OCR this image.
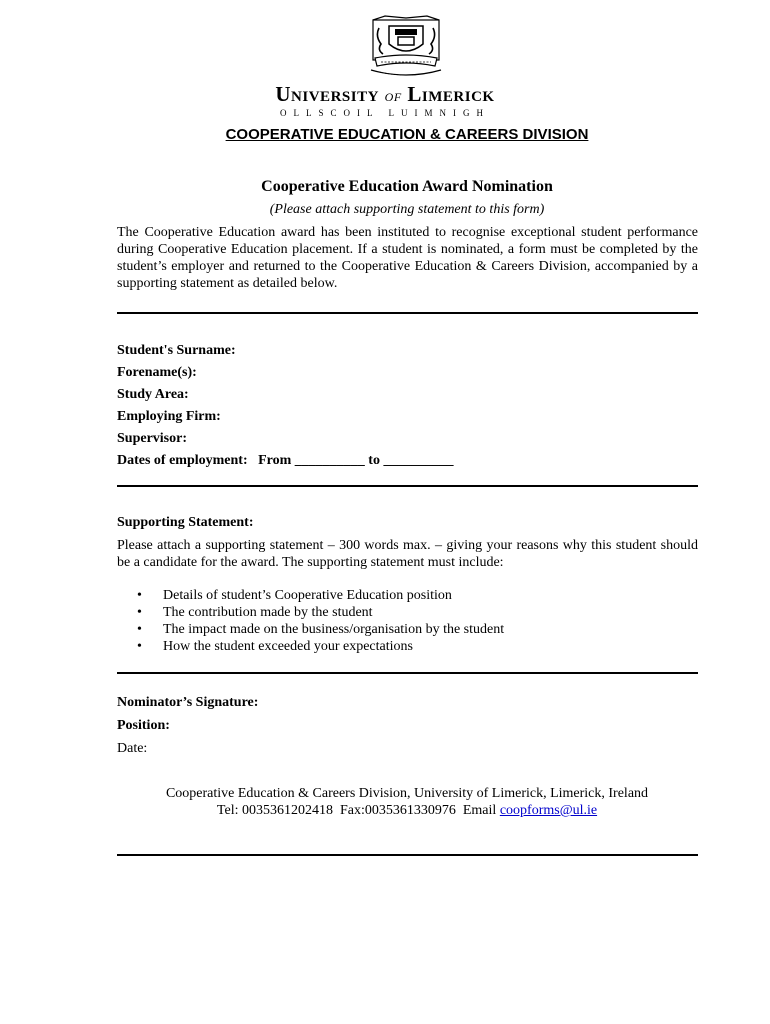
University of Limerick
OLLSCOIL LUIMNIGH
COOPERATIVE EDUCATION & CAREERS DIVISION
Cooperative Education Award Nomination
(Please attach supporting statement to this form)
The Cooperative Education award has been instituted to recognise exceptional student performance during Cooperative Education placement. If a student is nominated, a form must be completed by the student’s employer and returned to the Cooperative Education & Careers Division, accompanied by a supporting statement as detailed below.
Student's Surname:
Forename(s):
Study Area:
Employing Firm:
Supervisor:
Dates of employment:   From __________ to __________
Supporting Statement:
Please attach a supporting statement – 300 words max. – giving your reasons why this student should be a candidate for the award. The supporting statement must include:
• Details of student’s Cooperative Education position
• The contribution made by the student
• The impact made on the business/organisation by the student
• How the student exceeded your expectations
Nominator’s Signature:
Position:
Date:
Cooperative Education & Careers Division, University of Limerick, Limerick, Ireland
Tel: 0035361202418  Fax:0035361330976  Email coopforms@ul.ie
